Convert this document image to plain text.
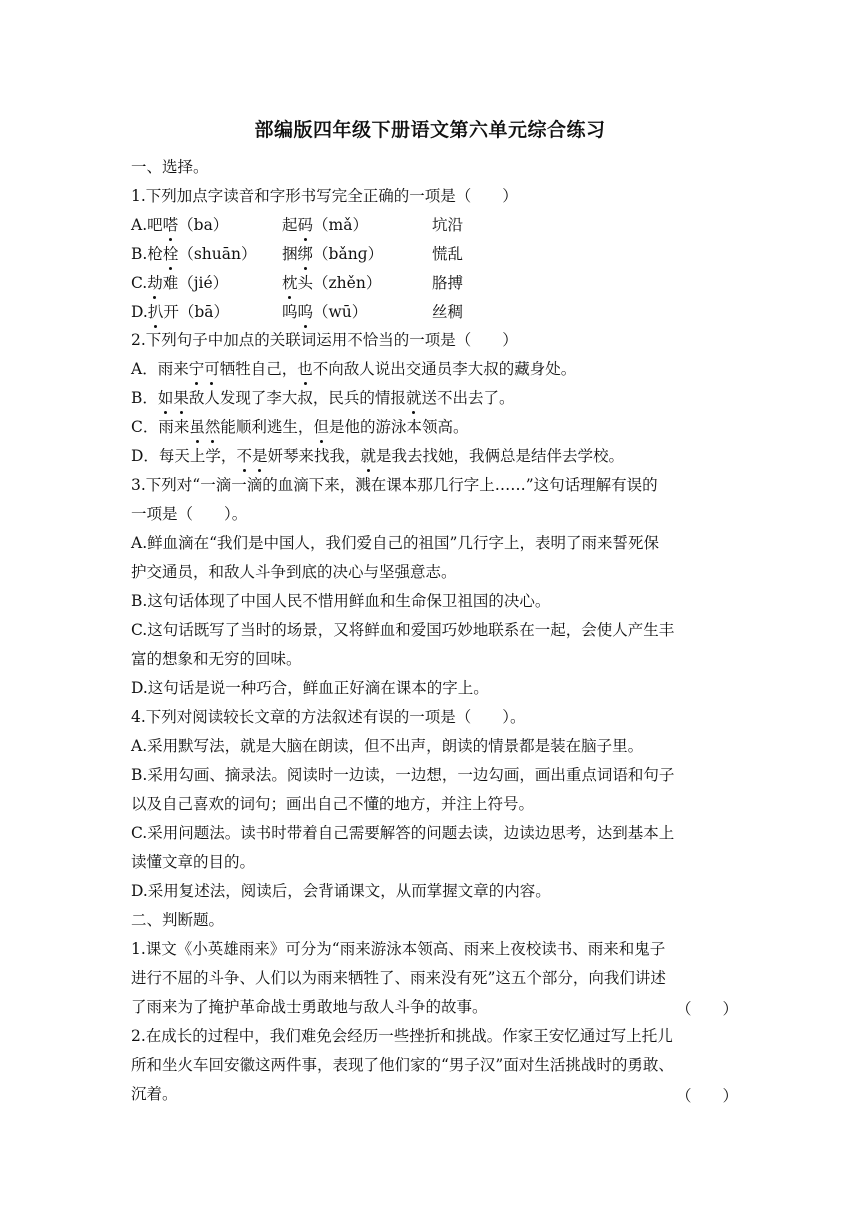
部编版四年级下册语文第六单元综合练习
一、选择。
1.下列加点字读音和字形书写完全正确的一项是（　　）
A.吧嗒（ba）	起码（mǎ）	坑沿
B.枪栓（shuān） 捆绑（bǎnɡ）	慌乱
C.劫难（jié）	枕头（zhěn）	胳搏
D.扒开（bā）	呜呜（wū）	丝稠
2.下列句子中加点的关联词运用不恰当的一项是（　　）
A．雨来宁可牺牲自己，也不向敌人说出交通员李大叔的藏身处。
B．如果敌人发现了李大叔，民兵的情报就送不出去了。
C．雨来虽然能顺利逃生，但是他的游泳本领高。
D．每天上学，不是妍琴来找我，就是我去找她，我俩总是结伴去学校。
3.下列对“一滴一滴的血滴下来，溅在课本那几行字上……”这句话理解有误的
一项是（　　）。
A.鲜血滴在“我们是中国人，我们爱自己的祖国”几行字上，表明了雨来誓死保
护交通员，和敌人斗争到底的决心与坚强意志。
B.这句话体现了中国人民不惜用鲜血和生命保卫祖国的决心。
C.这句话既写了当时的场景，又将鲜血和爱国巧妙地联系在一起，会使人产生丰
富的想象和无穷的回味。
D.这句话是说一种巧合，鲜血正好滴在课本的字上。
4.下列对阅读较长文章的方法叙述有误的一项是（　　）。
A.采用默写法，就是大脑在朗读，但不出声，朗读的情景都是装在脑子里。
B.采用勾画、摘录法。阅读时一边读，一边想，一边勾画，画出重点词语和句子
以及自己喜欢的词句；画出自己不懂的地方，并注上符号。
C.采用问题法。读书时带着自己需要解答的问题去读，边读边思考，达到基本上
读懂文章的目的。
D.采用复述法，阅读后，会背诵课文，从而掌握文章的内容。
二、判断题。
1.课文《小英雄雨来》可分为“雨来游泳本领高、雨来上夜校读书、雨来和鬼子
进行不屈的斗争、人们以为雨来牺牲了、雨来没有死”这五个部分，向我们讲述
了雨来为了掩护革命战士勇敢地与敌人斗争的故事。	（　　）
2.在成长的过程中，我们难免会经历一些挫折和挑战。作家王安忆通过写上托儿
所和坐火车回安徽这两件事，表现了他们家的“男子汉”面对生活挑战时的勇敢、
沉着。	（　　）
